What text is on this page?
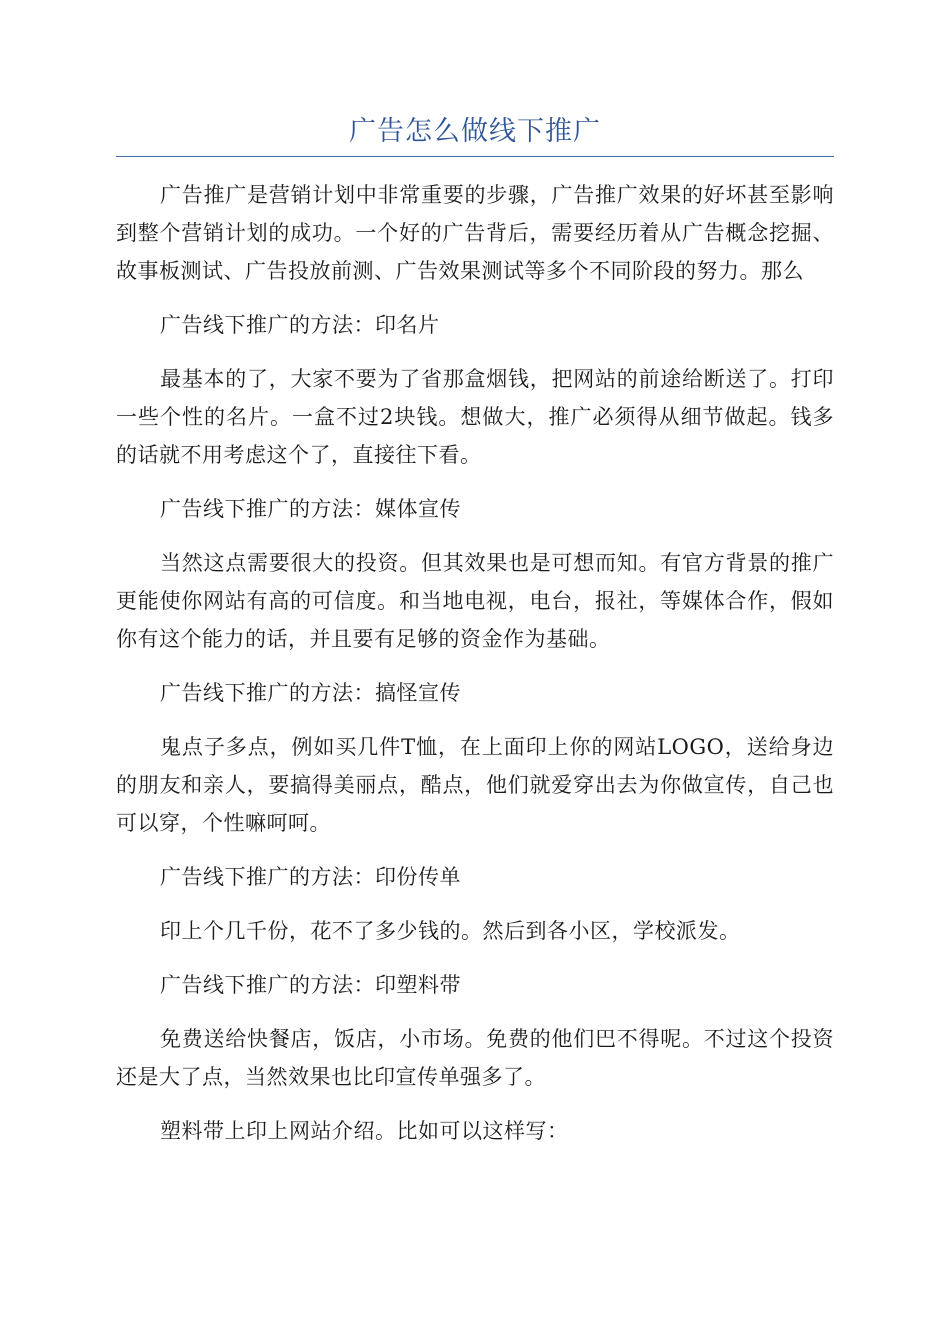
广告怎么做线下推广

广告推广是营销计划中非常重要的步骤，广告推广效果的好坏甚至影响到整个营销计划的成功。一个好的广告背后，需要经历着从广告概念挖掘、故事板测试、广告投放前测、广告效果测试等多个不同阶段的努力。那么

广告线下推广的方法：印名片

最基本的了，大家不要为了省那盒烟钱，把网站的前途给断送了。打印一些个性的名片。一盒不过2块钱。想做大，推广必须得从细节做起。钱多的话就不用考虑这个了，直接往下看。

广告线下推广的方法：媒体宣传

当然这点需要很大的投资。但其效果也是可想而知。有官方背景的推广更能使你网站有高的可信度。和当地电视，电台，报社，等媒体合作，假如你有这个能力的话，并且要有足够的资金作为基础。

广告线下推广的方法：搞怪宣传

鬼点子多点，例如买几件T恤，在上面印上你的网站LOGO，送给身边的朋友和亲人，要搞得美丽点，酷点，他们就爱穿出去为你做宣传，自己也可以穿，个性嘛呵呵。

广告线下推广的方法：印份传单

印上个几千份，花不了多少钱的。然后到各小区，学校派发。

广告线下推广的方法：印塑料带

免费送给快餐店，饭店，小市场。免费的他们巴不得呢。不过这个投资还是大了点，当然效果也比印宣传单强多了。

塑料带上印上网站介绍。比如可以这样写：
